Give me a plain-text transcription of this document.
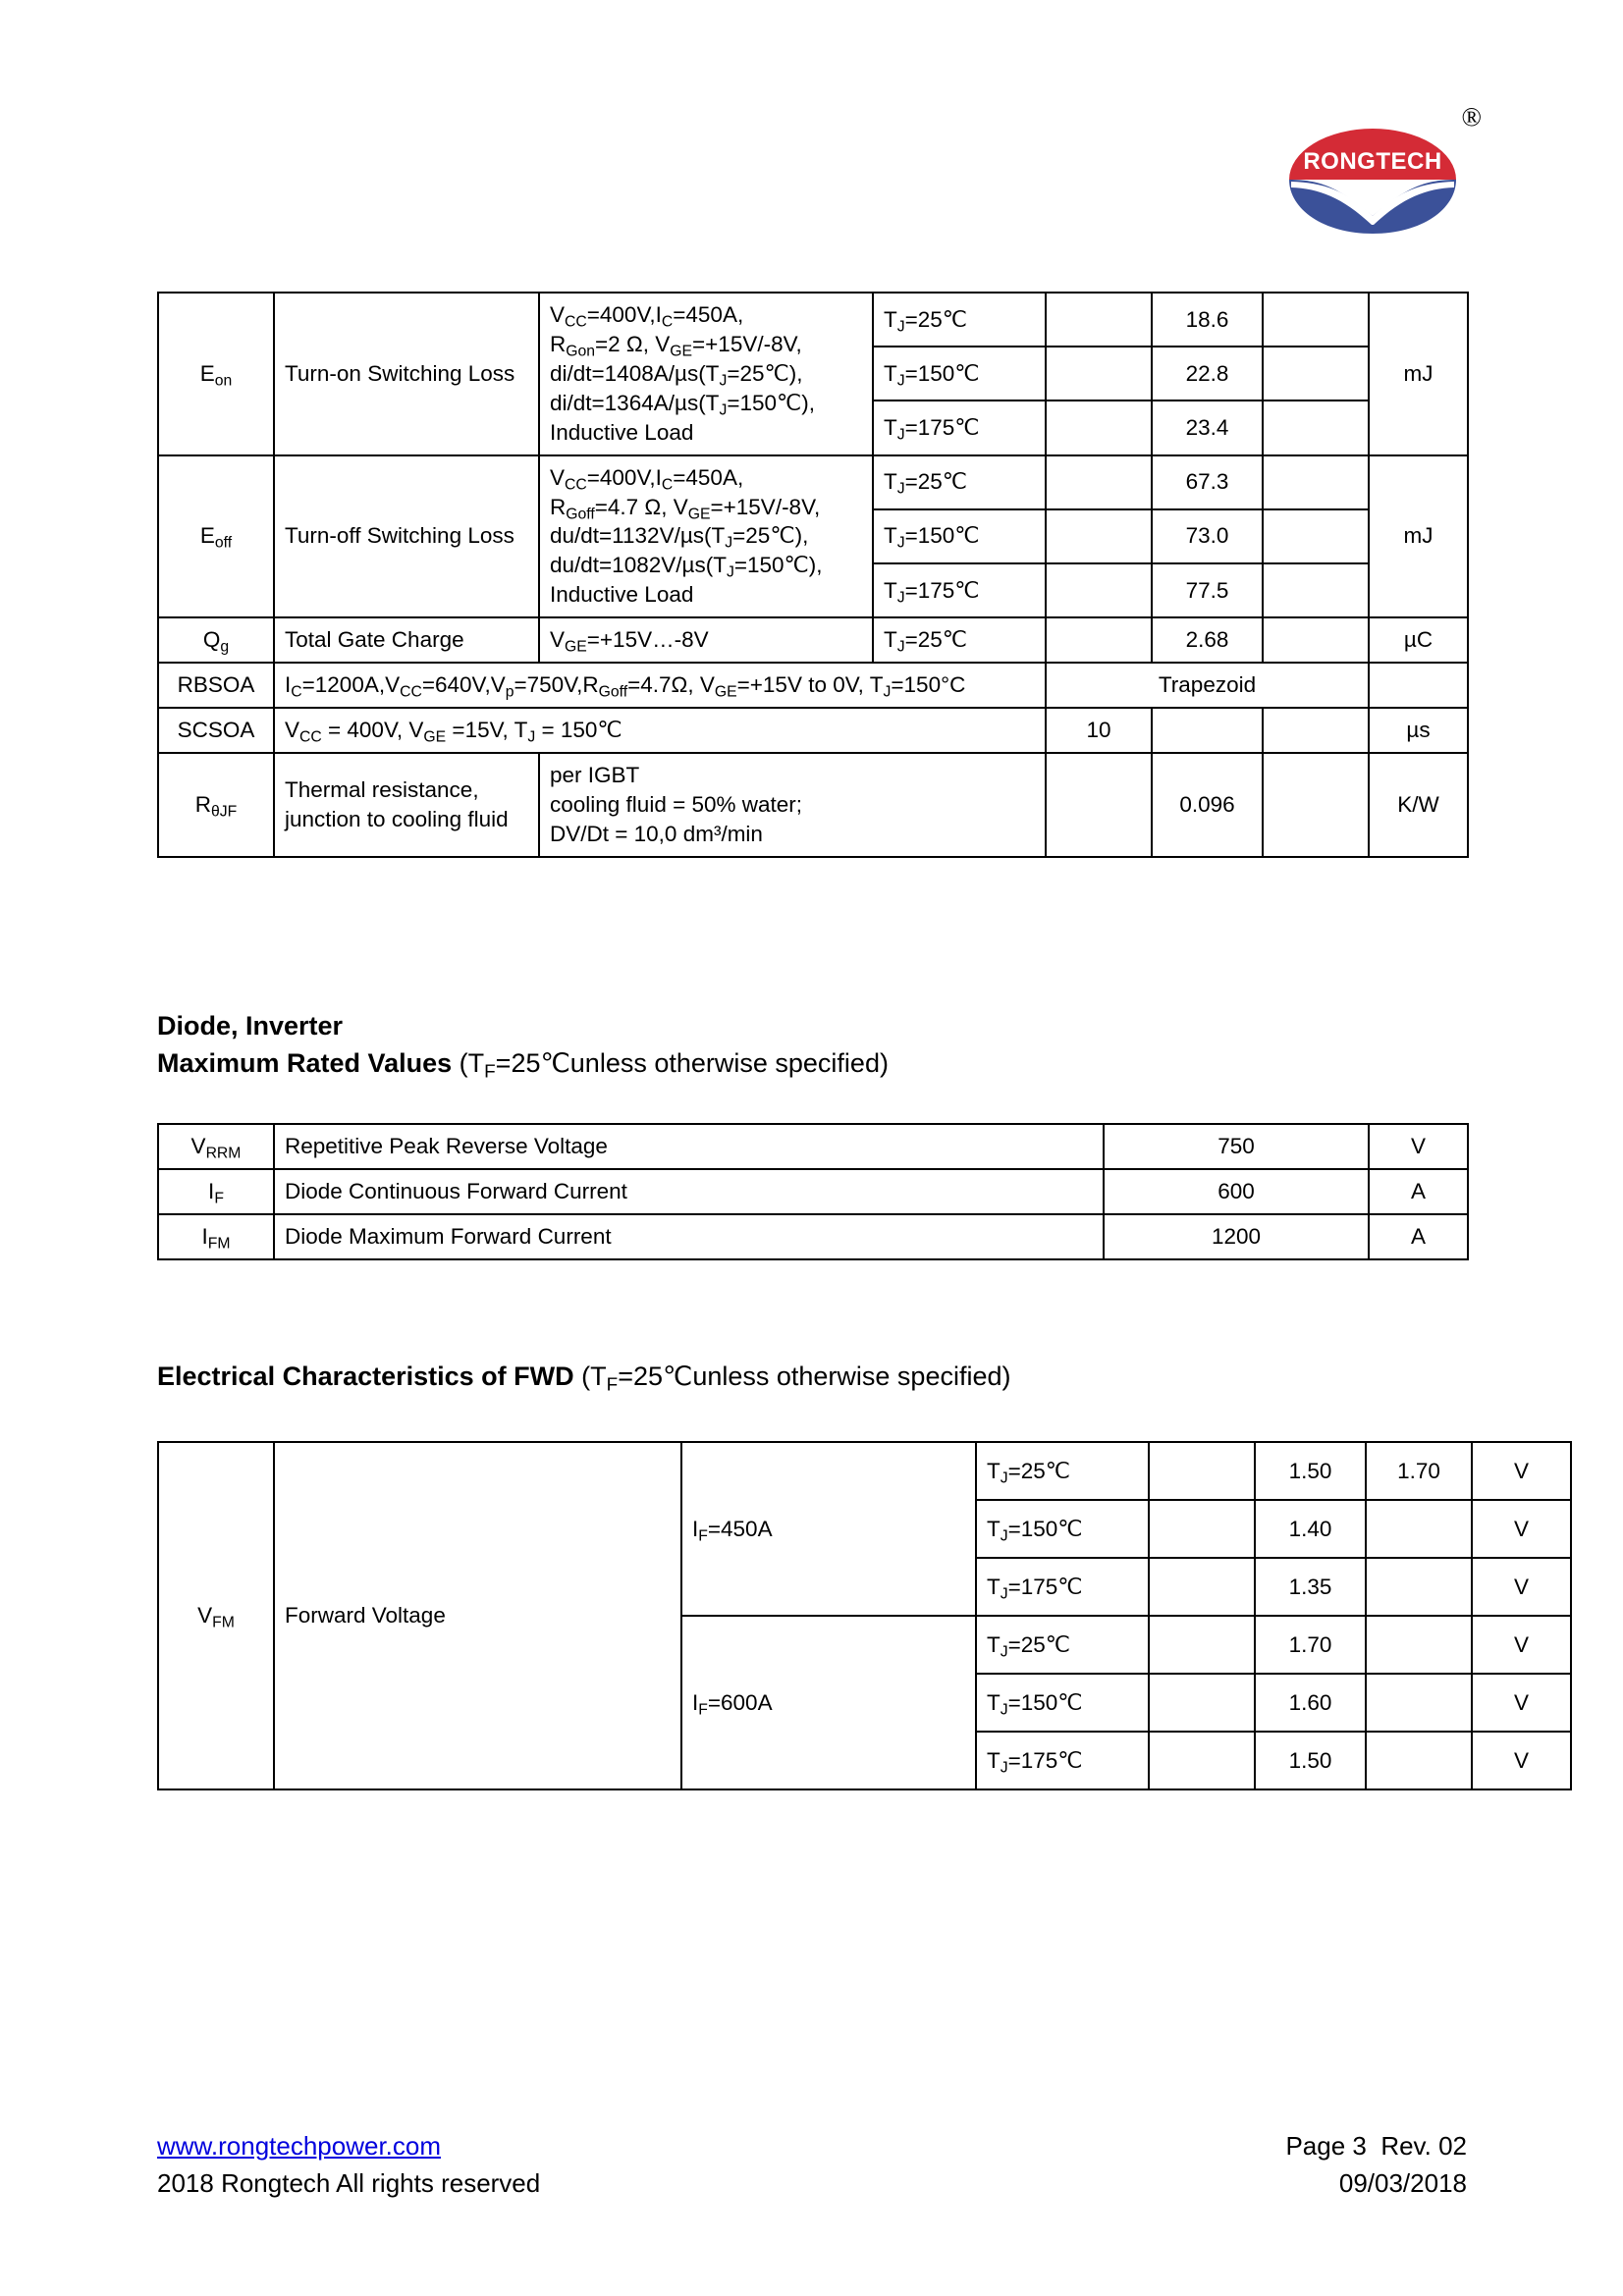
®
RONGTECH
$E_{on}$	Turn-on Switching Loss	$V_{CC}=400V,I_C=450A$,
$R_{Gon}=2$ Ω, $V_{GE}=+15V/-8V$,
$di/dt=1408A/\mu s(T_J=25℃)$,
$di/dt=1364A/\mu s(T_J=150℃)$,
Inductive Load	$T_J=25℃$		18.6		mJ
			$T_J=150℃$		22.8		
			$T_J=175℃$		23.4		
$E_{off}$	Turn-off Switching Loss	$V_{CC}=400V,I_C=450A$,
$R_{Goff}=4.7$ Ω, $V_{GE}=+15V/-8V$,
$du/dt=1132V/\mu s(T_J=25℃)$,
$du/dt=1082V/\mu s(T_J=150℃)$,
Inductive Load	$T_J=25℃$		67.3		mJ
			$T_J=150℃$		73.0		
			$T_J=175℃$		77.5		
$Q_g$	Total Gate Charge	$V_{GE}=+15V\dots-8V$	$T_J=25℃$		2.68		µC
RBSOA	$I_C=1200A,V_{CC}=640V,V_p=750V,R_{Goff}=4.7\Omega$, $V_{GE}=+15V$ to 0V, $T_J=150^\circ C$			Trapezoid			
SCSOA	$V_{CC} = 400V$, $V_{GE} =15V$, $T_J$ = 150℃			10			µs
$R_{\theta JF}$	Thermal resistance, junction to cooling fluid	per IGBT
cooling fluid = 50% water;
DV/Dt = 10,0 dm³/min			0.096		K/W
Diode, Inverter
Maximum Rated Values ($T_F=25℃unless$ otherwise specified)
$V_{RRM}$	Repetitive Peak Reverse Voltage	750	V
$I_F$	Diode Continuous Forward Current	600	A
$I_{FM}$	Diode Maximum Forward Current	1200	A
Electrical Characteristics of FWD ($T_F=25℃unless$ otherwise specified)
$V_{FM}$	Forward Voltage	$I_F=450A$	$T_J=25℃$		1.50	1.70	V
			$T_J=150℃$		1.40		V
			$T_J=175℃$		1.35		V
		$I_F=600A$	$T_J=25℃$		1.70		V
			$T_J=150℃$		1.60		V
			$T_J=175℃$		1.50		V
www.rongtechpower.com	Page 3  Rev. 02
2018 Rongtech All rights reserved	09/03/2018
